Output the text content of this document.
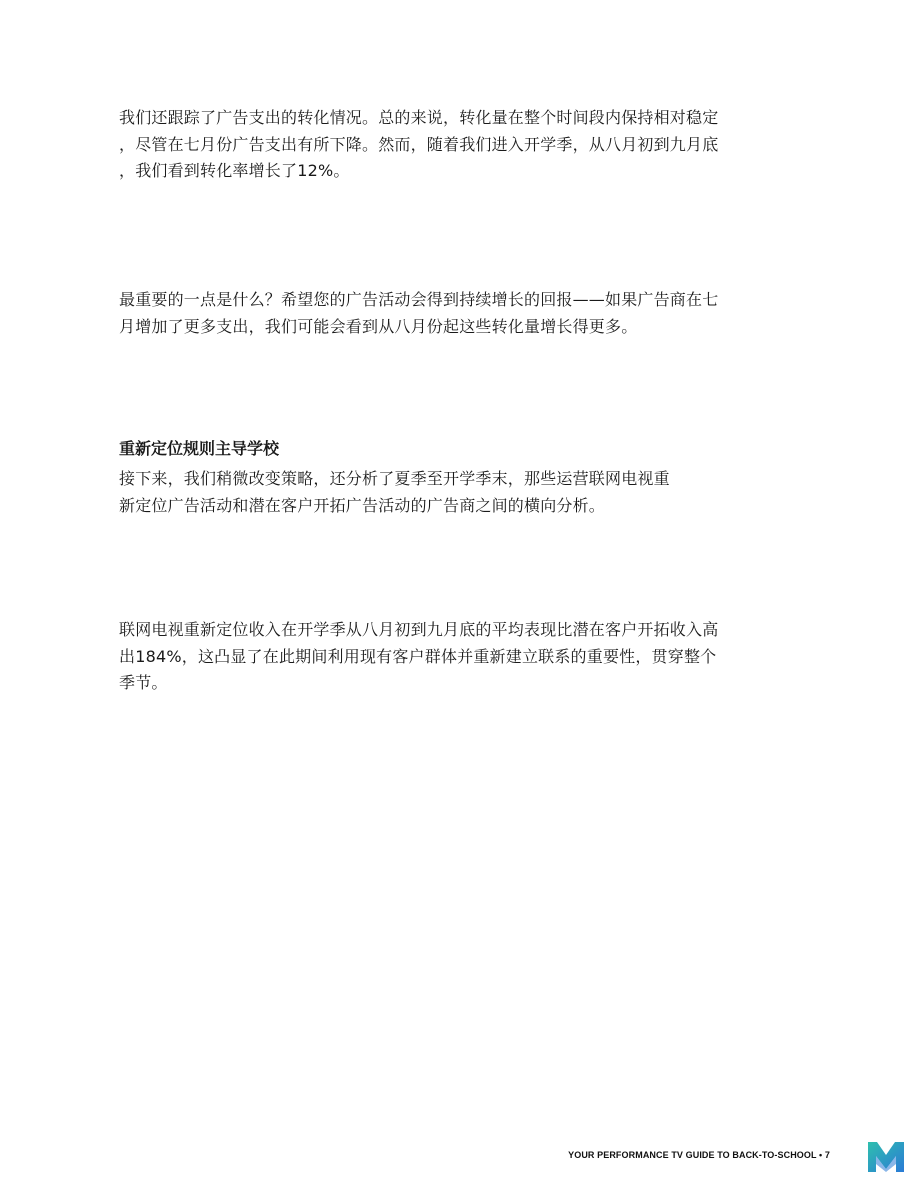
我们还跟踪了广告支出的转化情况。总的来说，转化量在整个时间段内保持相对稳定
，尽管在七月份广告支出有所下降。然而，随着我们进入开学季，从八月初到九月底
，我们看到转化率增长了12%。

最重要的一点是什么？希望您的广告活动会得到持续增长的回报——如果广告商在七
月增加了更多支出，我们可能会看到从八月份起这些转化量增长得更多。

重新定位规则主导学校

接下来，我们稍微改变策略，还分析了夏季至开学季末，那些运营联网电视重
新定位广告活动和潜在客户开拓广告活动的广告商之间的横向分析。

联网电视重新定位收入在开学季从八月初到九月底的平均表现比潜在客户开拓收入高
出184%，这凸显了在此期间利用现有客户群体并重新建立联系的重要性，贯穿整个
季节。

YOUR PERFORMANCE TV GUIDE TO BACK-TO-SCHOOL • 7
